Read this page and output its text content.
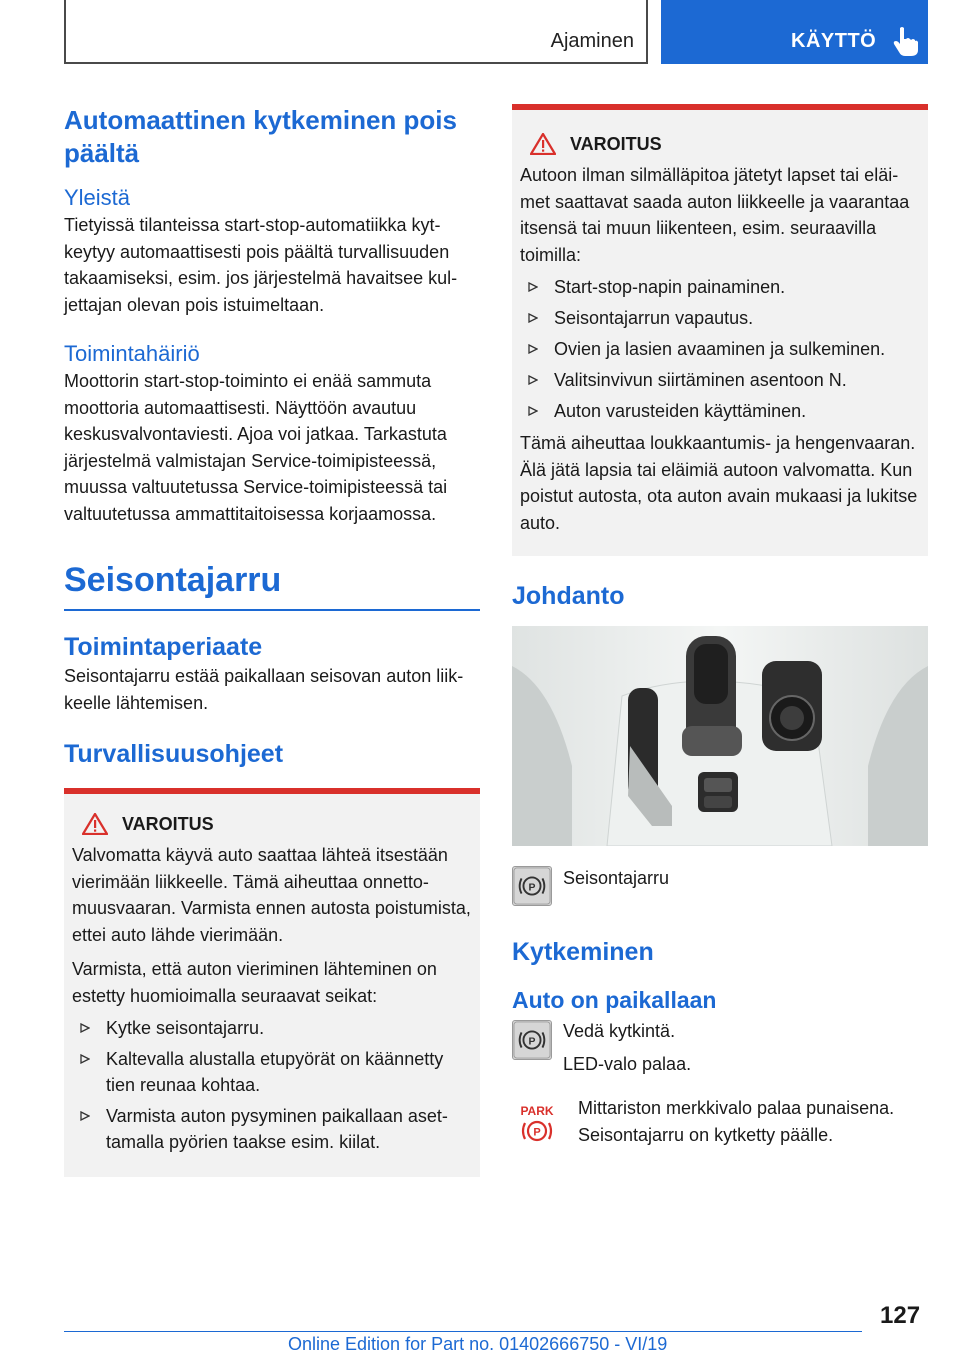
Ajaminen	KÄYTTÖ
Automaattinen kytkeminen pois päältä
Yleistä

Tietyissä tilanteissa start-stop-automatiikka kytkeytyy automaattisesti pois päältä turvallisuuden takaamiseksi, esim. jos järjestelmä havaitsee kuljettajan olevan pois istuimeltaan.

Toimintahäiriö

Moottorin start-stop-toiminto ei enää sammuta moottoria automaattisesti. Näyttöön avautuu keskusvalvontaviesti. Ajoa voi jatkaa. Tarkastuta järjestelmä valmistajan Service-toimipisteessä, muussa valtuutetussa Service-toimipisteessä tai valtuutetussa ammattitaitoisessa korjaamossa.

Seisontajarru
Toimintaperiaate

Seisontajarru estää paikallaan seisovan auton liikkeelle lähtemisen.

Turvallisuusohjeet
VAROITUS

Valvomatta käyvä auto saattaa lähteä itsestään vierimään liikkeelle. Tämä aiheuttaa onnettomuusvaaran. Varmista ennen autosta poistumista, ettei auto lähde vierimään.

Varmista, että auton vieriminen lähteminen on estetty huomioimalla seuraavat seikat:

Kytke seisontajarru.
Kaltevalla alustalla etupyörät on käännetty tien reunaa kohtaa.
Varmista auton pysyminen paikallaan asettamalla pyörien taakse esim. kiilat.
VAROITUS

Autoon ilman silmälläpitoa jätetyt lapset tai eläimet saattavat saada auton liikkeelle ja vaarantaa itsensä tai muun liikenteen, esim. seuraavilla toimilla:

Start-stop-napin painaminen.
Seisontajarrun vapautus.
Ovien ja lasien avaaminen ja sulkeminen.
Valitsinvivun siirtäminen asentoon N.
Auton varusteiden käyttäminen.

Tämä aiheuttaa loukkaantumis- ja hengenvaaran. Älä jätä lapsia tai eläimiä autoon valvomatta. Kun poistut autosta, ota auton avain mukaasi ja lukitse auto.

Johdanto
P Seisontajarru
Kytkeminen
Auto on paikallaan
P

Vedä kytkintä.

LED-valo palaa.

PARK
P

Mittariston merkkivalo palaa punaisena. Seisontajarru on kytketty päälle.

127
Online Edition for Part no. 01402666750 - VI/19
